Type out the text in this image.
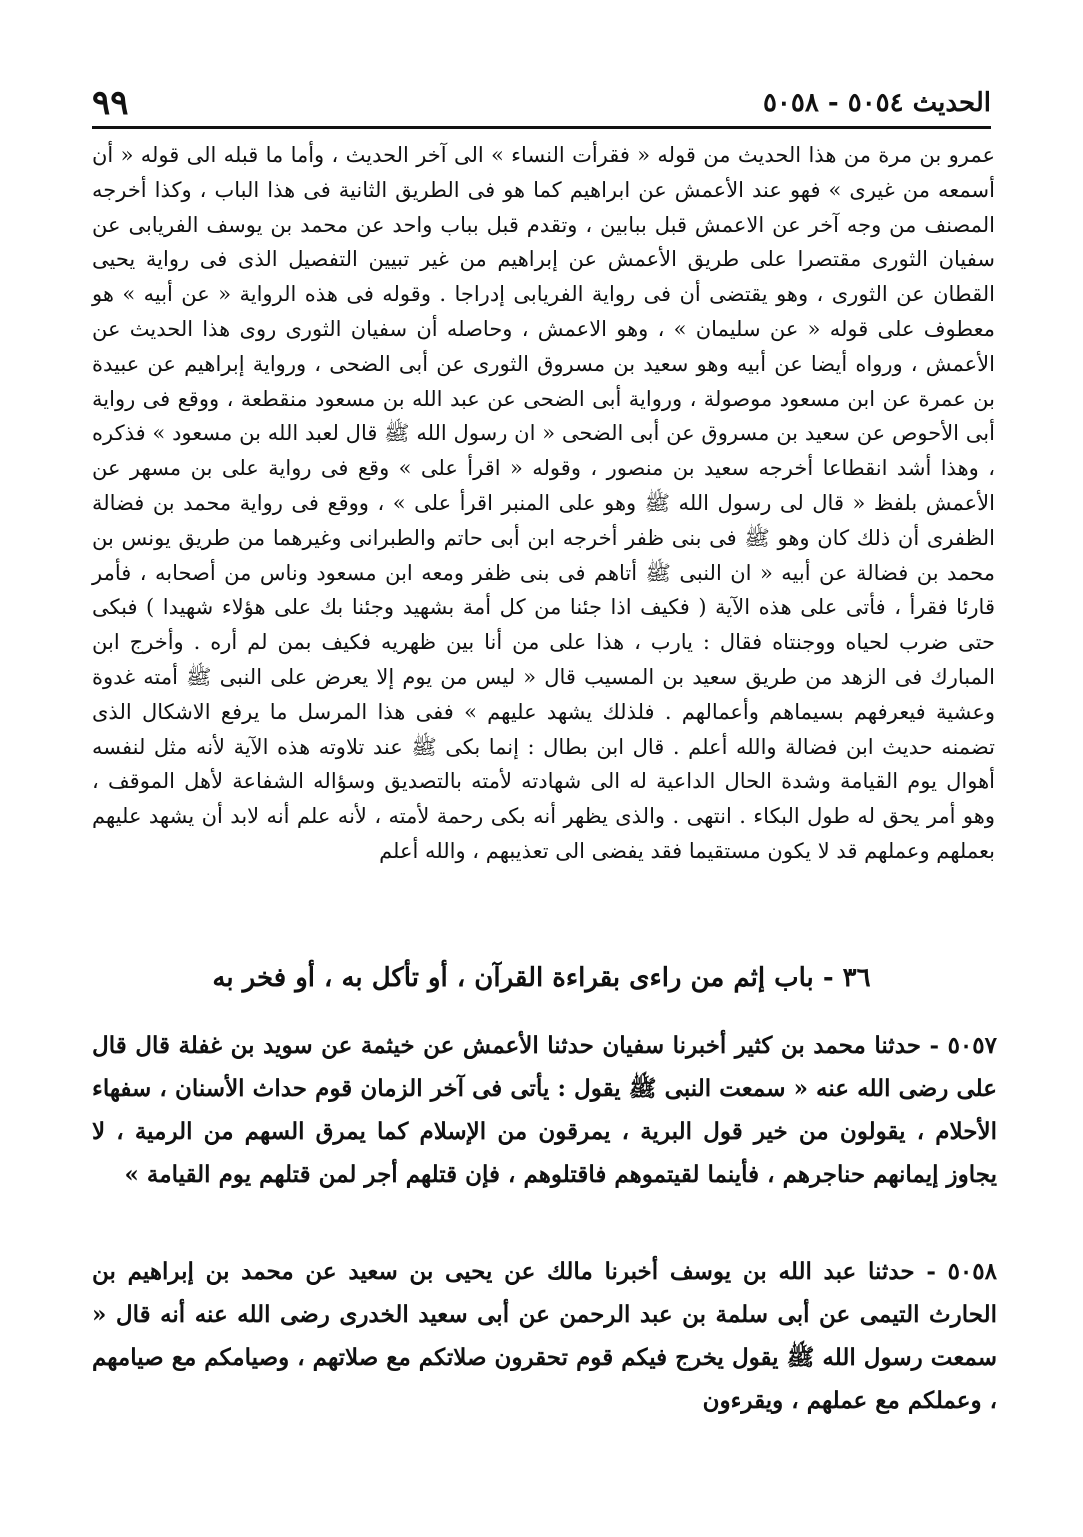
٩٩	الحديث ٥٠٥٤ - ٥٠٥٨

عمرو بن مرة من هذا الحديث من قوله « فقرأت النساء » الى آخر الحديث ، وأما ما قبله الى قوله « أن أسمعه من غيرى » فهو عند الأعمش عن ابراهيم كما هو فى الطريق الثانية فى هذا الباب ، وكذا أخرجه المصنف من وجه آخر عن الاعمش قبل ببابين ، وتقدم قبل بباب واحد عن محمد بن يوسف الفريابى عن سفيان الثورى مقتصرا على طريق الأعمش عن إبراهيم من غير تبيين التفصيل الذى فى رواية يحيى القطان عن الثورى ، وهو يقتضى أن فى رواية الفريابى إدراجا . وقوله فى هذه الرواية « عن أبيه » هو معطوف على قوله « عن سليمان » ، وهو الاعمش ، وحاصله أن سفيان الثورى روى هذا الحديث عن الأعمش ، ورواه أيضا عن أبيه وهو سعيد بن مسروق الثورى عن أبى الضحى ، ورواية إبراهيم عن عبيدة بن عمرة عن ابن مسعود موصولة ، ورواية أبى الضحى عن عبد الله بن مسعود منقطعة ، ووقع فى رواية أبى الأحوص عن سعيد بن مسروق عن أبى الضحى « ان رسول الله ﷺ قال لعبد الله بن مسعود » فذكره ، وهذا أشد انقطاعا أخرجه سعيد بن منصور ، وقوله « اقرأ على » وقع فى رواية على بن مسهر عن الأعمش بلفظ « قال لى رسول الله ﷺ وهو على المنبر اقرأ على » ، ووقع فى رواية محمد بن فضالة الظفرى أن ذلك كان وهو ﷺ فى بنى ظفر أخرجه ابن أبى حاتم والطبرانى وغيرهما من طريق يونس بن محمد بن فضالة عن أبيه « ان النبى ﷺ أتاهم فى بنى ظفر ومعه ابن مسعود وناس من أصحابه ، فأمر قارئا فقرأ ، فأتى على هذه الآية ( فكيف اذا جئنا من كل أمة بشهيد وجئنا بك على هؤلاء شهيدا ) فبكى حتى ضرب لحياه ووجنتاه فقال : يارب ، هذا على من أنا بين ظهريه فكيف بمن لم أره . وأخرج ابن المبارك فى الزهد من طريق سعيد بن المسيب قال « ليس من يوم إلا يعرض على النبى ﷺ أمته غدوة وعشية فيعرفهم بسيماهم وأعمالهم . فلذلك يشهد عليهم » ففى هذا المرسل ما يرفع الاشكال الذى تضمنه حديث ابن فضالة والله أعلم . قال ابن بطال : إنما بكى ﷺ عند تلاوته هذه الآية لأنه مثل لنفسه أهوال يوم القيامة وشدة الحال الداعية له الى شهادته لأمته بالتصديق وسؤاله الشفاعة لأهل الموقف ، وهو أمر يحق له طول البكاء . انتهى . والذى يظهر أنه بكى رحمة لأمته ، لأنه علم أنه لابد أن يشهد عليهم بعملهم وعملهم قد لا يكون مستقيما فقد يفضى الى تعذيبهم ، والله أعلم

٣٦ - باب إثم من راءى بقراءة القرآن ، أو تأكل به ، أو فخر به

٥٠٥٧ - حدثنا محمد بن كثير أخبرنا سفيان حدثنا الأعمش عن خيثمة عن سويد بن غفلة قال قال على رضى الله عنه « سمعت النبى ﷺ يقول : يأتى فى آخر الزمان قوم حداث الأسنان ، سفهاء الأحلام ، يقولون من خير قول البرية ، يمرقون من الإسلام كما يمرق السهم من الرمية ، لا يجاوز إيمانهم حناجرهم ، فأينما لقيتموهم فاقتلوهم ، فإن قتلهم أجر لمن قتلهم يوم القيامة »

٥٠٥٨ - حدثنا عبد الله بن يوسف أخبرنا مالك عن يحيى بن سعيد عن محمد بن إبراهيم بن الحارث التيمى عن أبى سلمة بن عبد الرحمن عن أبى سعيد الخدرى رضى الله عنه أنه قال « سمعت رسول الله ﷺ يقول يخرج فيكم قوم تحقرون صلاتكم مع صلاتهم ، وصيامكم مع صيامهم ، وعملكم مع عملهم ، ويقرءون
